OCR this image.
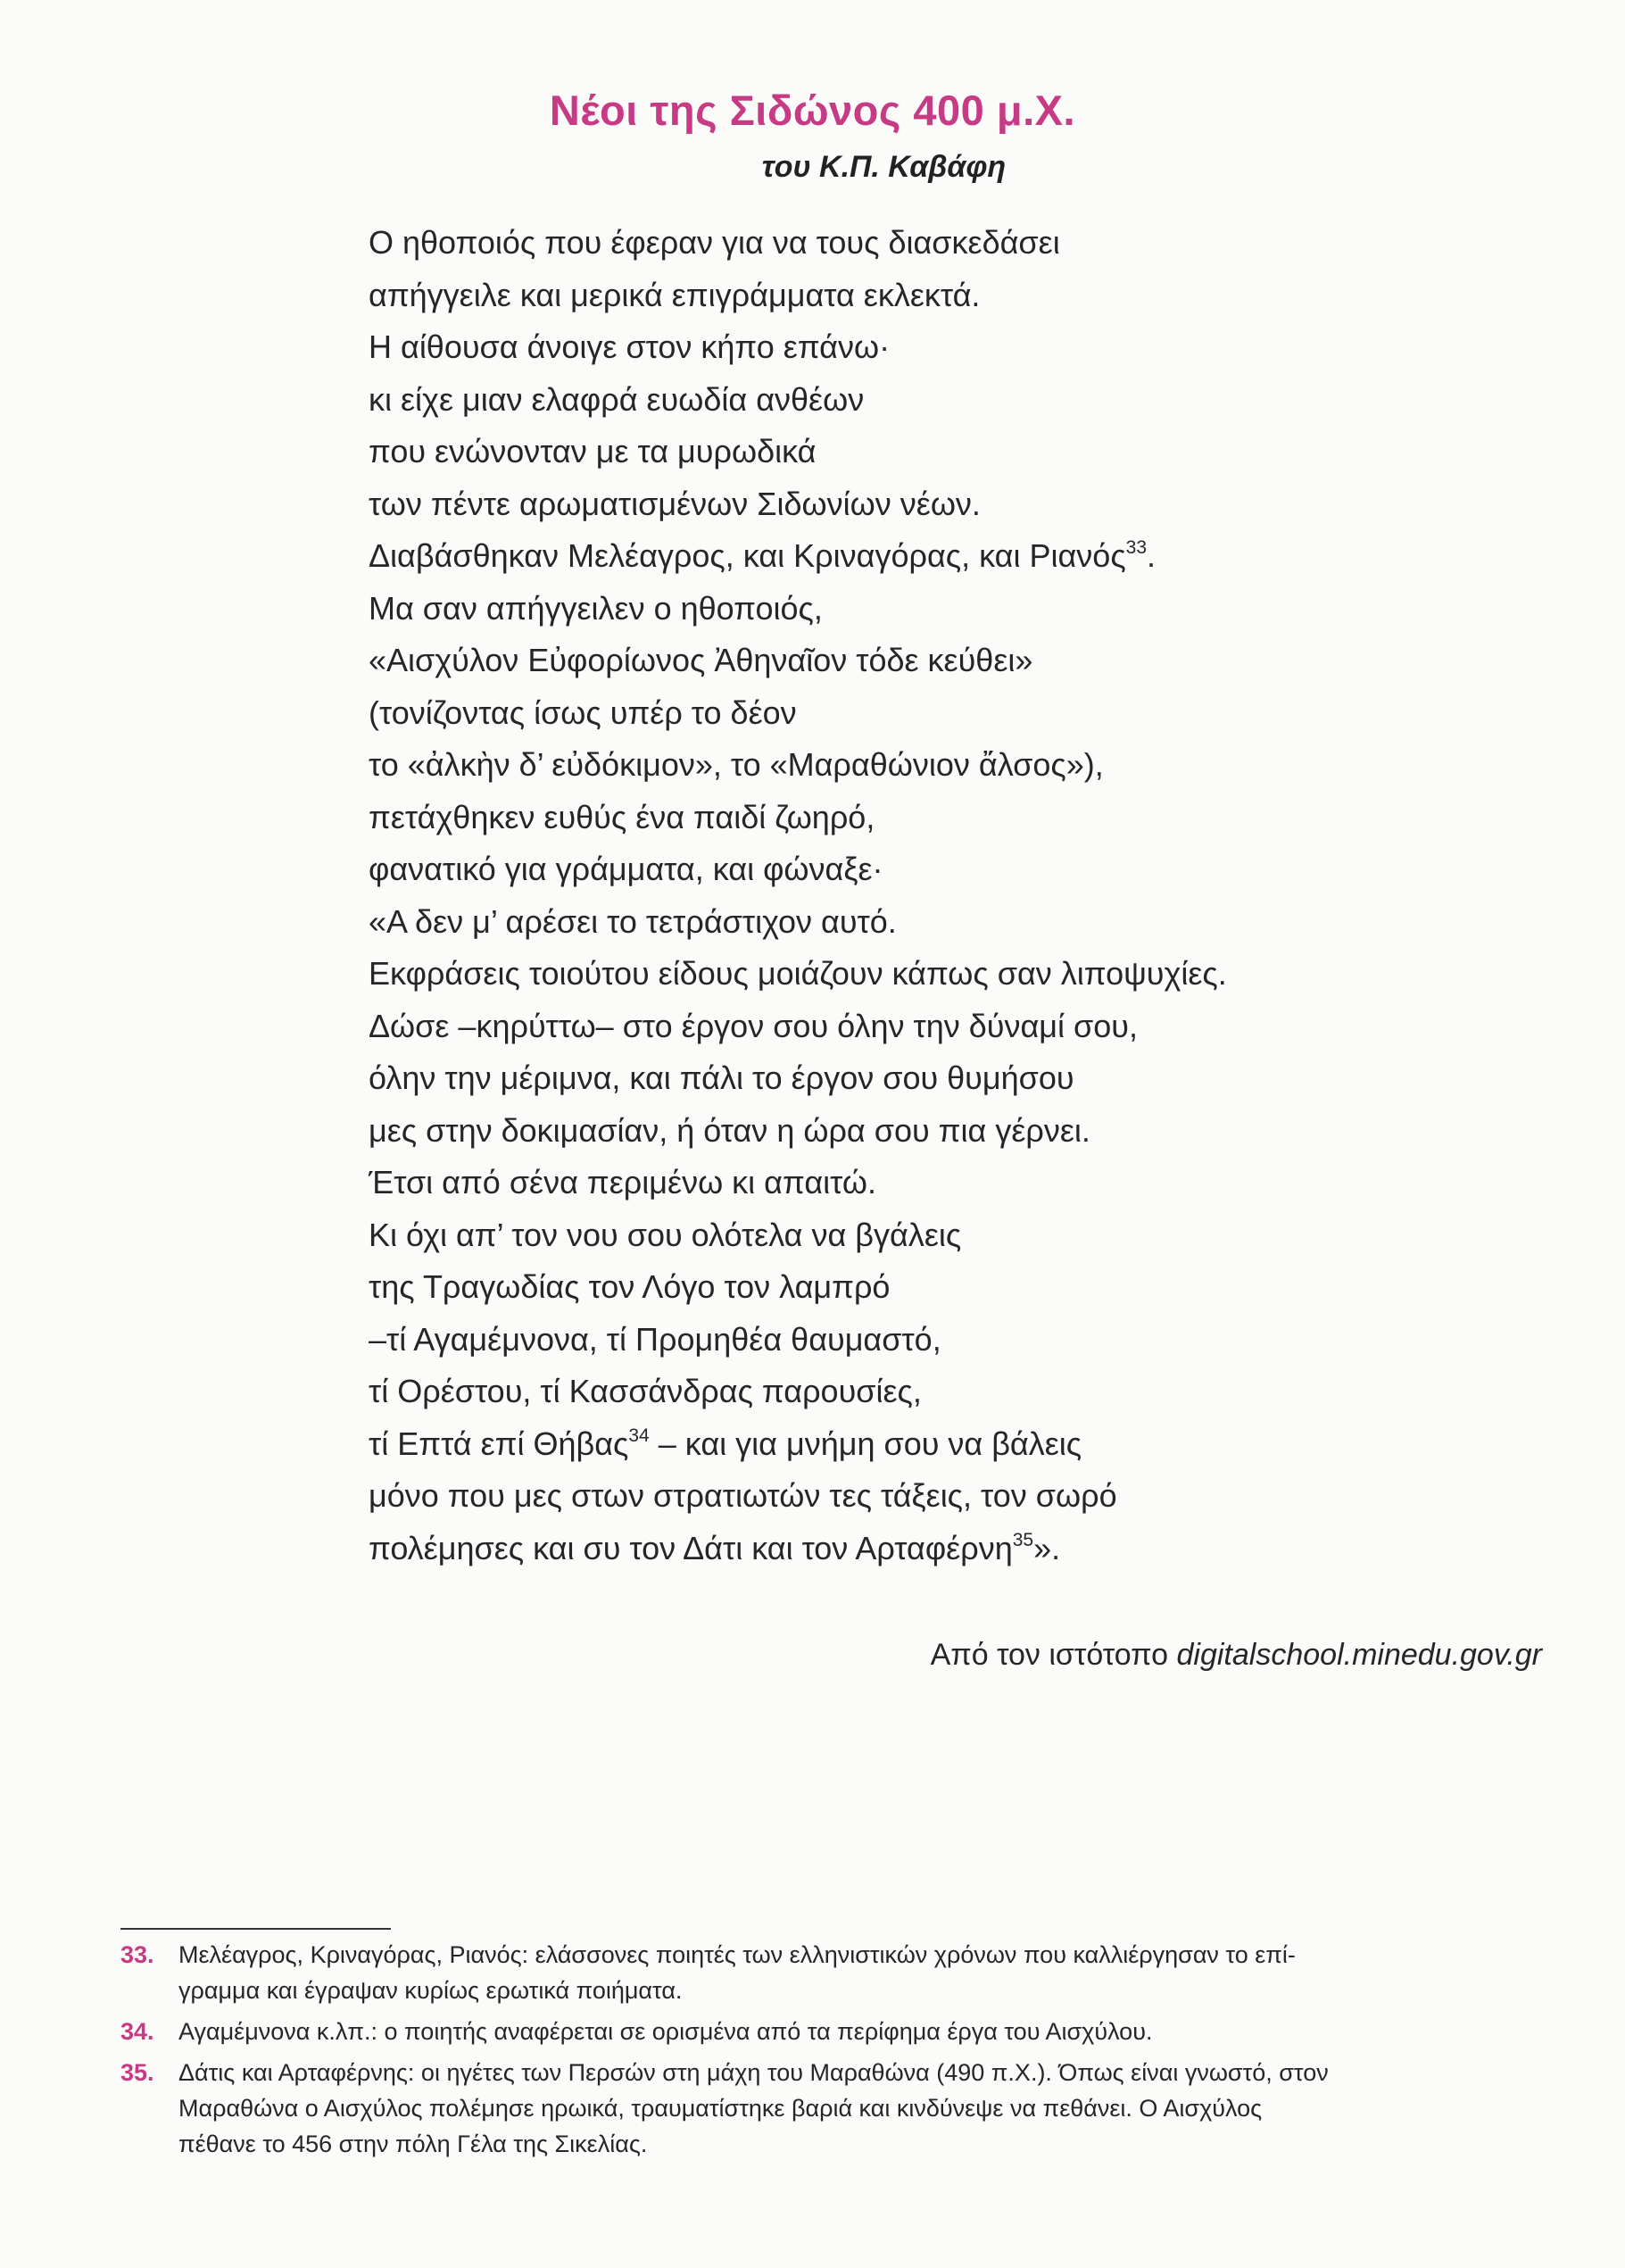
Νέοι της Σιδώνος 400 μ.Χ.
του Κ.Π. Καβάφη
Ο ηθοποιός που έφεραν για να τους διασκεδάσει
απήγγειλε και μερικά επιγράμματα εκλεκτά.
Η αίθουσα άνοιγε στον κήπο επάνω·
κι είχε μιαν ελαφρά ευωδία ανθέων
που ενώνονταν με τα μυρωδικά
των πέντε αρωματισμένων Σιδωνίων νέων.
Διαβάσθηκαν Μελέαγρος, και Κριναγόρας, και Ριανός$^{33}$.
Μα σαν απήγγειλεν ο ηθοποιός,
«Αισχύλον Εὐφορίωνος Ἀθηναῖον τόδε κεύθει»
(τονίζοντας ίσως υπέρ το δέον
το «ἀλκὴν δ’ εὐδόκιμον», το «Μαραθώνιον ἄλσος»),
πετάχθηκεν ευθύς ένα παιδί ζωηρό,
φανατικό για γράμματα, και φώναξε·
«Α δεν μ’ αρέσει το τετράστιχον αυτό.
Εκφράσεις τοιούτου είδους μοιάζουν κάπως σαν λιποψυχίες.
Δώσε –κηρύττω– στο έργον σου όλην την δύναμί σου,
όλην την μέριμνα, και πάλι το έργον σου θυμήσου
μες στην δοκιμασίαν, ή όταν η ώρα σου πια γέρνει.
Έτσι από σένα περιμένω κι απαιτώ.
Κι όχι απ’ τον νου σου ολότελα να βγάλεις
της Τραγωδίας τον Λόγο τον λαμπρό
–τί Αγαμέμνονα, τί Προμηθέα θαυμαστό,
τί Ορέστου, τί Κασσάνδρας παρουσίες,
τί Επτά επί Θήβας$^{34}$ – και για μνήμη σου να βάλεις
μόνο που μες στων στρατιωτών τες τάξεις, τον σωρό
πολέμησες και συ τον Δάτι και τον Αρταφέρνη$^{35}$».
Από τον ιστότοπο digitalschool.minedu.gov.gr
33. Μελέαγρος, Κριναγόρας, Ριανός: ελάσσονες ποιητές των ελληνιστικών χρόνων που καλλιέργησαν το επί-
γραμμα και έγραψαν κυρίως ερωτικά ποιήματα.
34. Αγαμέμνονα κ.λπ.: ο ποιητής αναφέρεται σε ορισμένα από τα περίφημα έργα του Αισχύλου.
35. Δάτις και Αρταφέρνης: οι ηγέτες των Περσών στη μάχη του Μαραθώνα (490 π.Χ.). Όπως είναι γνωστό, στον
Μαραθώνα ο Αισχύλος πολέμησε ηρωικά, τραυματίστηκε βαριά και κινδύνεψε να πεθάνει. Ο Αισχύλος
πέθανε το 456 στην πόλη Γέλα της Σικελίας.
